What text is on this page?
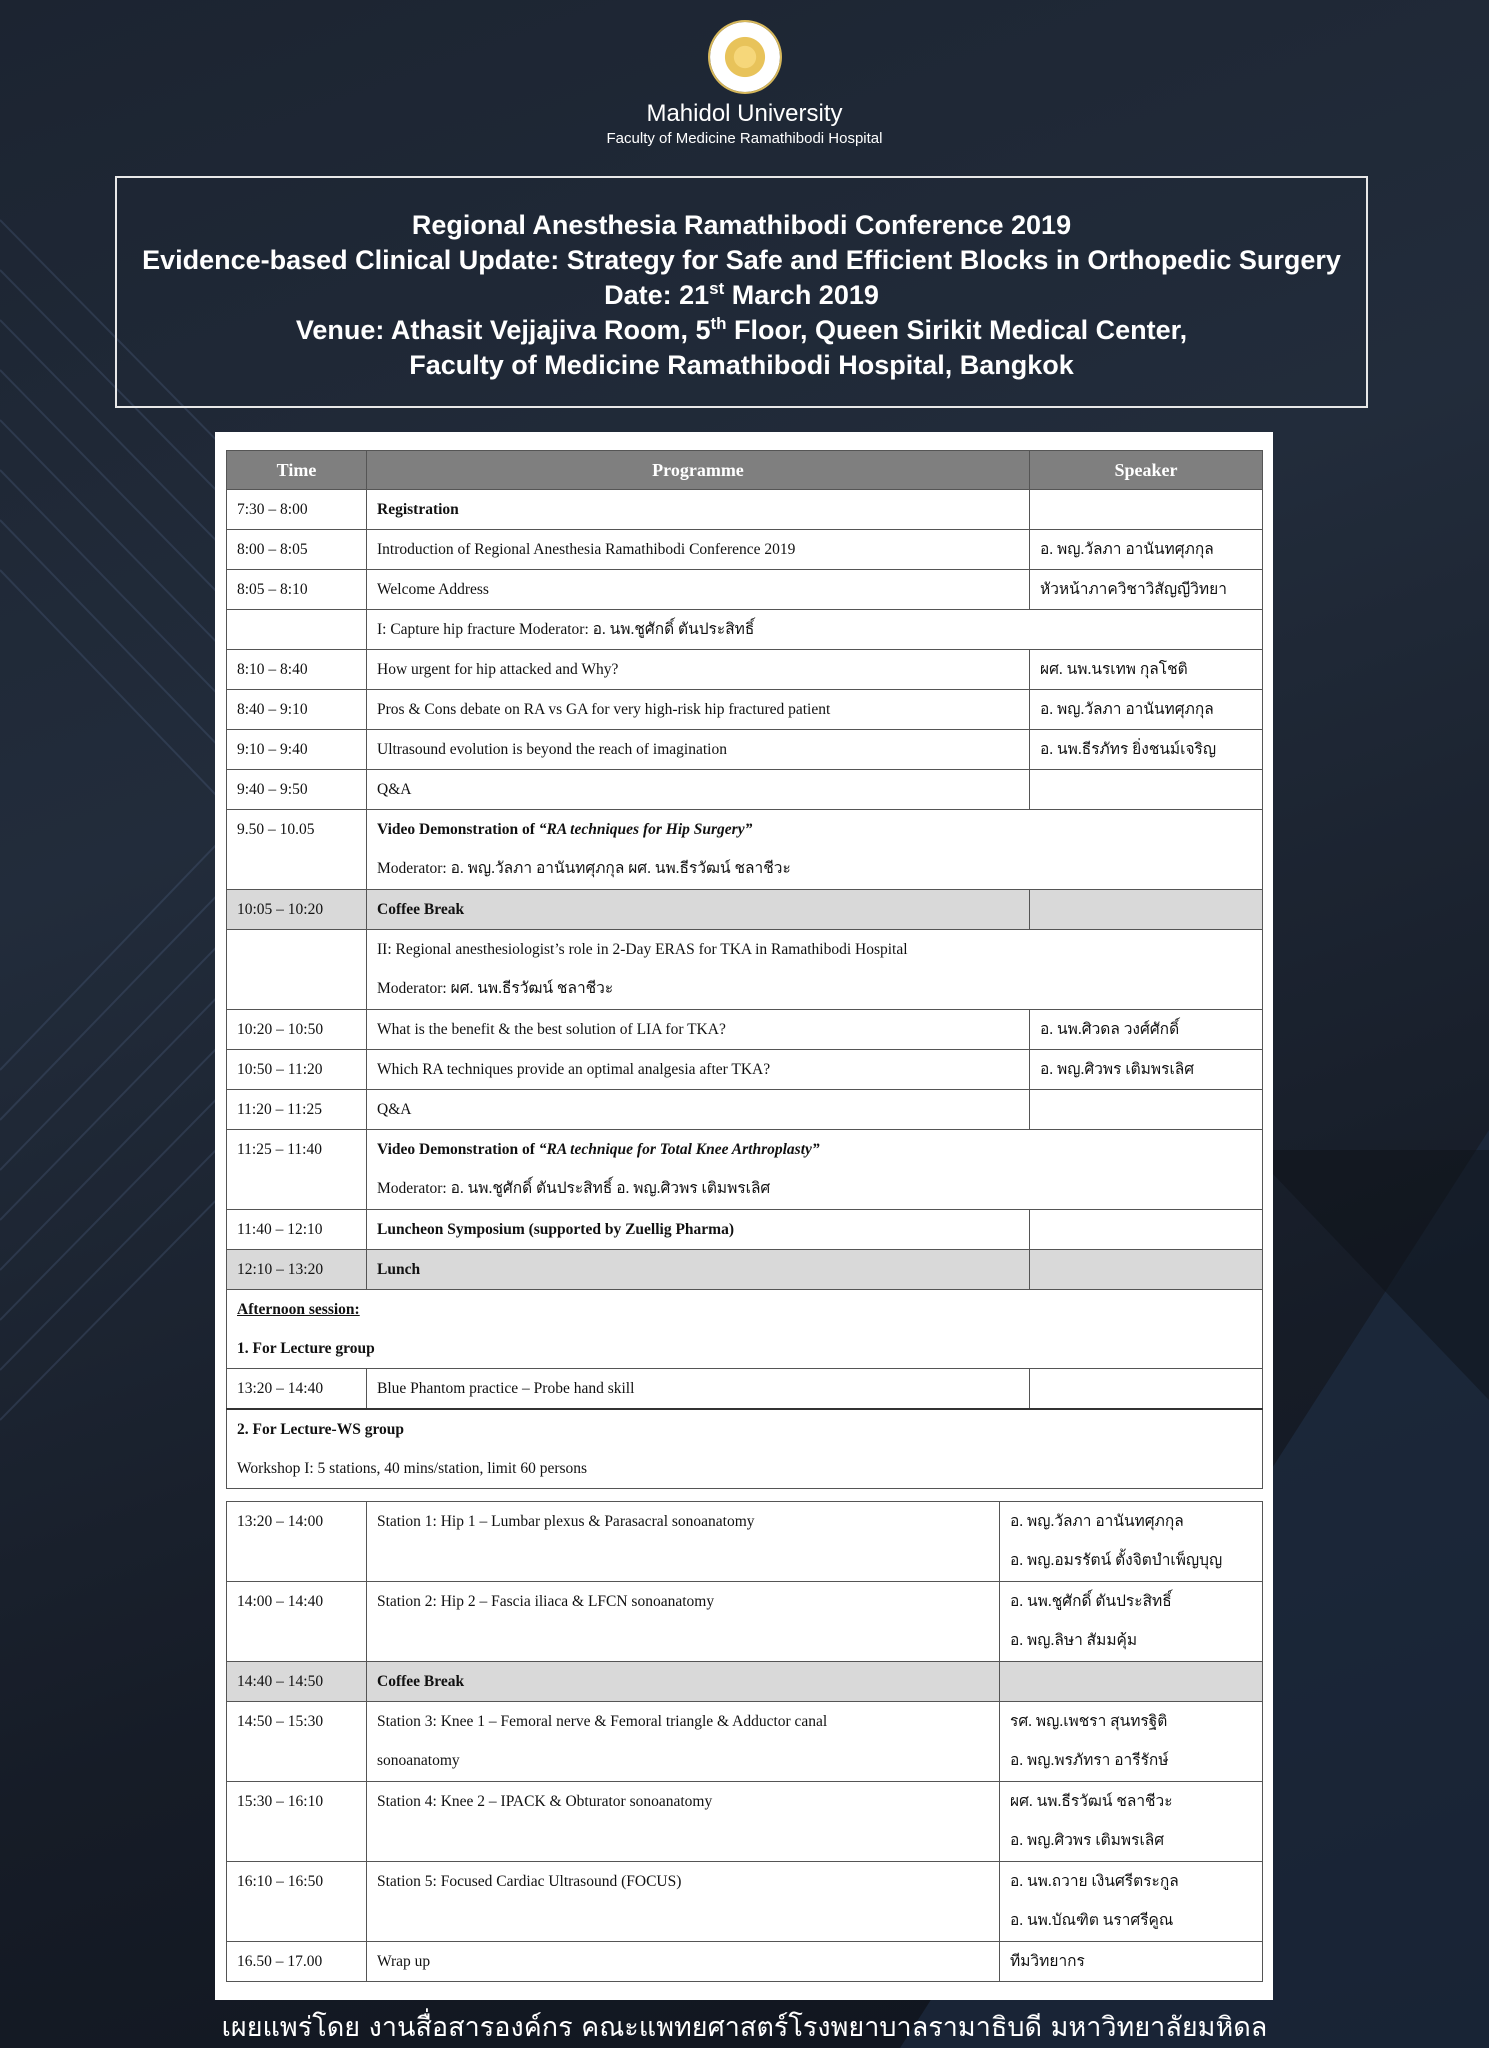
Mahidol University
Faculty of Medicine Ramathibodi Hospital
Regional Anesthesia Ramathibodi Conference 2019
Evidence-based Clinical Update: Strategy for Safe and Efficient Blocks in Orthopedic Surgery
Date: 21st March 2019
Venue: Athasit Vejjajiva Room, 5th Floor, Queen Sirikit Medical Center,
Faculty of Medicine Ramathibodi Hospital, Bangkok
Time	Programme	Speaker
7:30 – 8:00	Registration	
8:00 – 8:05	Introduction of Regional Anesthesia Ramathibodi Conference 2019	อ. พญ.วัลภา อานันทศุภกุล
8:05 – 8:10	Welcome Address	หัวหน้าภาควิชาวิสัญญีวิทยา
	I: Capture hip fracture Moderator: อ. นพ.ชูศักดิ์ ตันประสิทธิ์	
8:10 – 8:40	How urgent for hip attacked and Why?	ผศ. นพ.นรเทพ กุลโชติ
8:40 – 9:10	Pros & Cons debate on RA vs GA for very high-risk hip fractured patient	อ. พญ.วัลภา อานันทศุภกุล
9:10 – 9:40	Ultrasound evolution is beyond the reach of imagination	อ. นพ.ธีรภัทร ยิ่งชนม์เจริญ
9:40 – 9:50	Q&A	
9.50 – 10.05	Video Demonstration of “RA techniques for Hip Surgery”
Moderator: อ. พญ.วัลภา อานันทศุภกุล ผศ. นพ.ธีรวัฒน์ ชลาชีวะ	

10:05 – 10:20	Coffee Break	

	II: Regional anesthesiologist’s role in 2-Day ERAS for TKA in Ramathibodi Hospital
Moderator: ผศ. นพ.ธีรวัฒน์ ชลาชีวะ	

10:20 – 10:50	What is the benefit & the best solution of LIA for TKA?	อ. นพ.ศิวดล วงศ์ศักดิ์
10:50 – 11:20	Which RA techniques provide an optimal analgesia after TKA?	อ. พญ.ศิวพร เติมพรเลิศ
11:20 – 11:25	Q&A	
11:25 – 11:40	Video Demonstration of “RA technique for Total Knee Arthroplasty”
Moderator: อ. นพ.ชูศักดิ์ ตันประสิทธิ์ อ. พญ.ศิวพร เติมพรเลิศ	

11:40 – 12:10	Luncheon Symposium (supported by Zuellig Pharma)	
12:10 – 13:20	Lunch	
Afternoon session:		
1. For Lecture group		
13:20 – 14:40	Blue Phantom practice – Probe hand skill	
2. For Lecture-WS group		
Workshop I: 5 stations, 40 mins/station, limit 60 persons		
13:20 – 14:00	Station 1: Hip 1 – Lumbar plexus & Parasacral sonoanatomy	อ. พญ.วัลภา อานันทศุภกุล
อ. พญ.อมรรัตน์ ตั้งจิตบำเพ็ญบุญ

14:00 – 14:40	Station 2: Hip 2 – Fascia iliaca & LFCN sonoanatomy	อ. นพ.ชูศักดิ์ ตันประสิทธิ์
อ. พญ.ลิษา สัมมคุ้ม

14:40 – 14:50	Coffee Break	
14:50 – 15:30	Station 3: Knee 1 – Femoral nerve & Femoral triangle & Adductor canal
sonoanatomy	รศ. พญ.เพชรา สุนทรฐิติ
อ. พญ.พรภัทรา อารีรักษ์

15:30 – 16:10	Station 4: Knee 2 – IPACK & Obturator sonoanatomy	ผศ. นพ.ธีรวัฒน์ ชลาชีวะ
อ. พญ.ศิวพร เติมพรเลิศ

16:10 – 16:50	Station 5: Focused Cardiac Ultrasound (FOCUS)	อ. นพ.ถวาย เงินศรีตระกูล
อ. นพ.บัณฑิต นราศรีคูณ

16.50 – 17.00	Wrap up	ทีมวิทยากร
เผยแพร่โดย งานสื่อสารองค์กร คณะแพทยศาสตร์โรงพยาบาลรามาธิบดี มหาวิทยาลัยมหิดล
